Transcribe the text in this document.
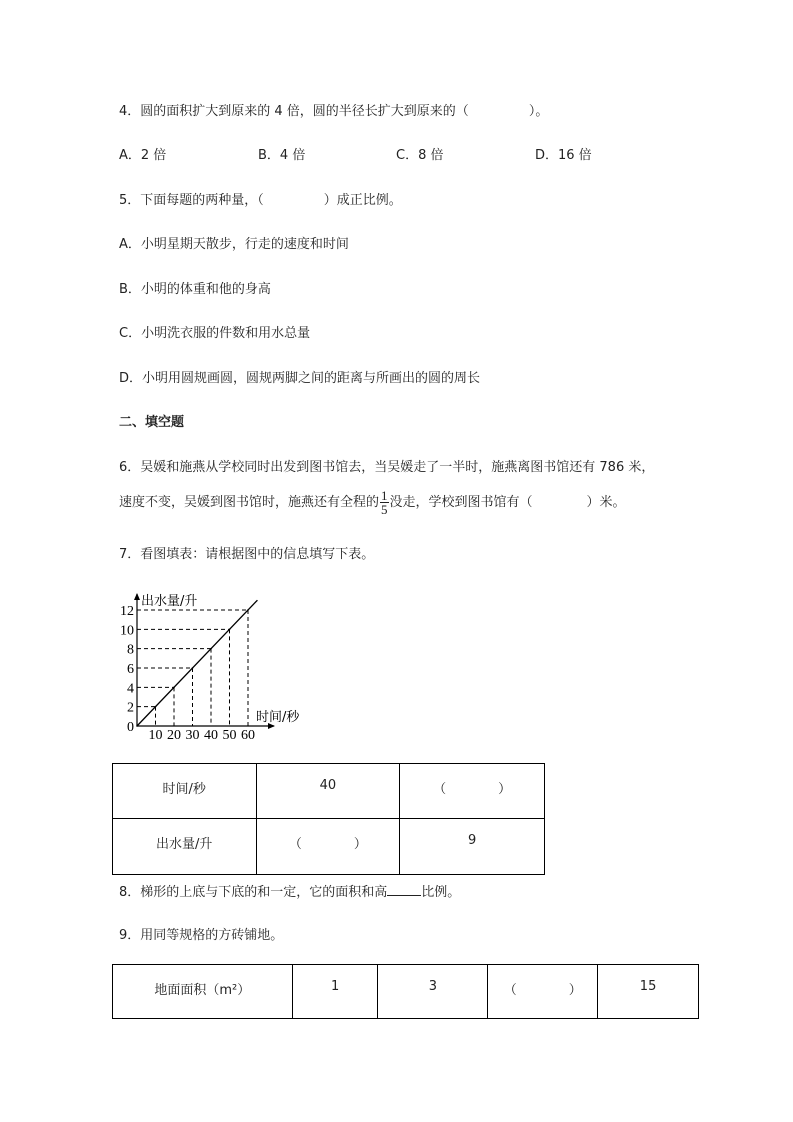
4．圆的面积扩大到原来的 4 倍，圆的半径长扩大到原来的（	）。
A．2 倍	B．4 倍	C．8 倍	D．16 倍
5．下面每题的两种量，（	）成正比例。
A．小明星期天散步，行走的速度和时间
B．小明的体重和他的身高
C．小明洗衣服的件数和用水总量
D．小明用圆规画圆，圆规两脚之间的距离与所画出的圆的周长
二、填空题
6．吴媛和施燕从学校同时出发到图书馆去，当吴媛走了一半时，施燕离图书馆还有 786 米，
速度不变，吴媛到图书馆时，施燕还有全程的 $\frac{1}{5}$ 没走，学校到图书馆有（	）米。
7．看图填表：请根据图中的信息填写下表。
10 20 30 40 50 60
2
4
6
8
10
12
出水量/升
时间/秒
0
时间/秒	40	（　　　　）
出水量/升	（　　　　）	9
8．梯形的上底与下底的和一定，它的面积和高	比例。
9．用同等规格的方砖铺地。
地面面积（m²）	1	3	（　　　　）	15
